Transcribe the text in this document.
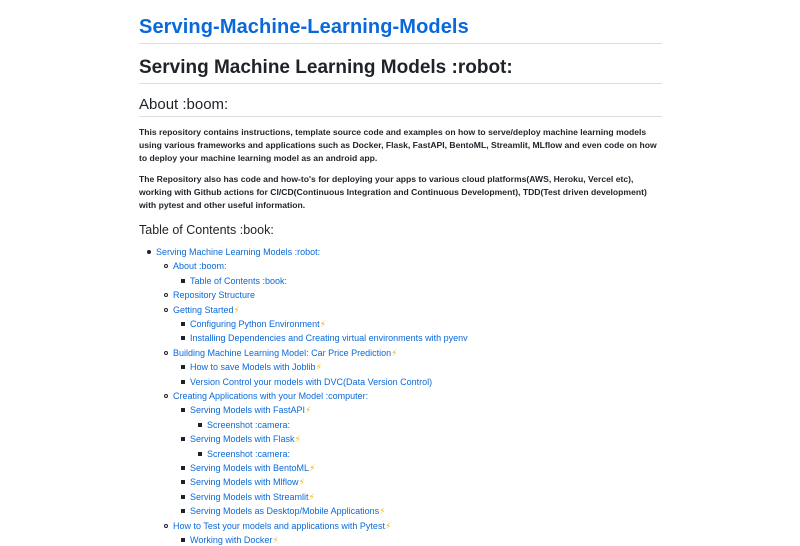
Serving-Machine-Learning-Models
Serving Machine Learning Models :robot:
About :boom:

This repository contains instructions, template source code and examples on how to serve/deploy machine learning models using various frameworks and applications such as Docker, Flask, FastAPI, BentoML, Streamlit, MLflow and even code on how to deploy your machine learning model as an android app.

The Repository also has code and how-to's for deploying your apps to various cloud platforms(AWS, Heroku, Vercel etc), working with Github actions for CI/CD(Continuous Integration and Continuous Development), TDD(Test driven development) with pytest and other useful information.

Table of Contents :book:
Serving Machine Learning Models :robot:
About :boom:
Table of Contents :book:
Repository Structure
Getting Started⚡
Configuring Python Environment⚡
Installing Dependencies and Creating virtual environments with pyenv
Building Machine Learning Model: Car Price Prediction⚡
How to save Models with Joblib⚡
Version Control your models with DVC(Data Version Control)
Creating Applications with your Model :computer:
Serving Models with FastAPI⚡
Screenshot :camera:
Serving Models with Flask⚡
Screenshot :camera:
Serving Models with BentoML⚡
Serving Models with Mlflow⚡
Serving Models with Streamlit⚡
Serving Models as Desktop/Mobile Applications⚡
How to Test your models and applications with Pytest⚡
Working with Docker⚡
